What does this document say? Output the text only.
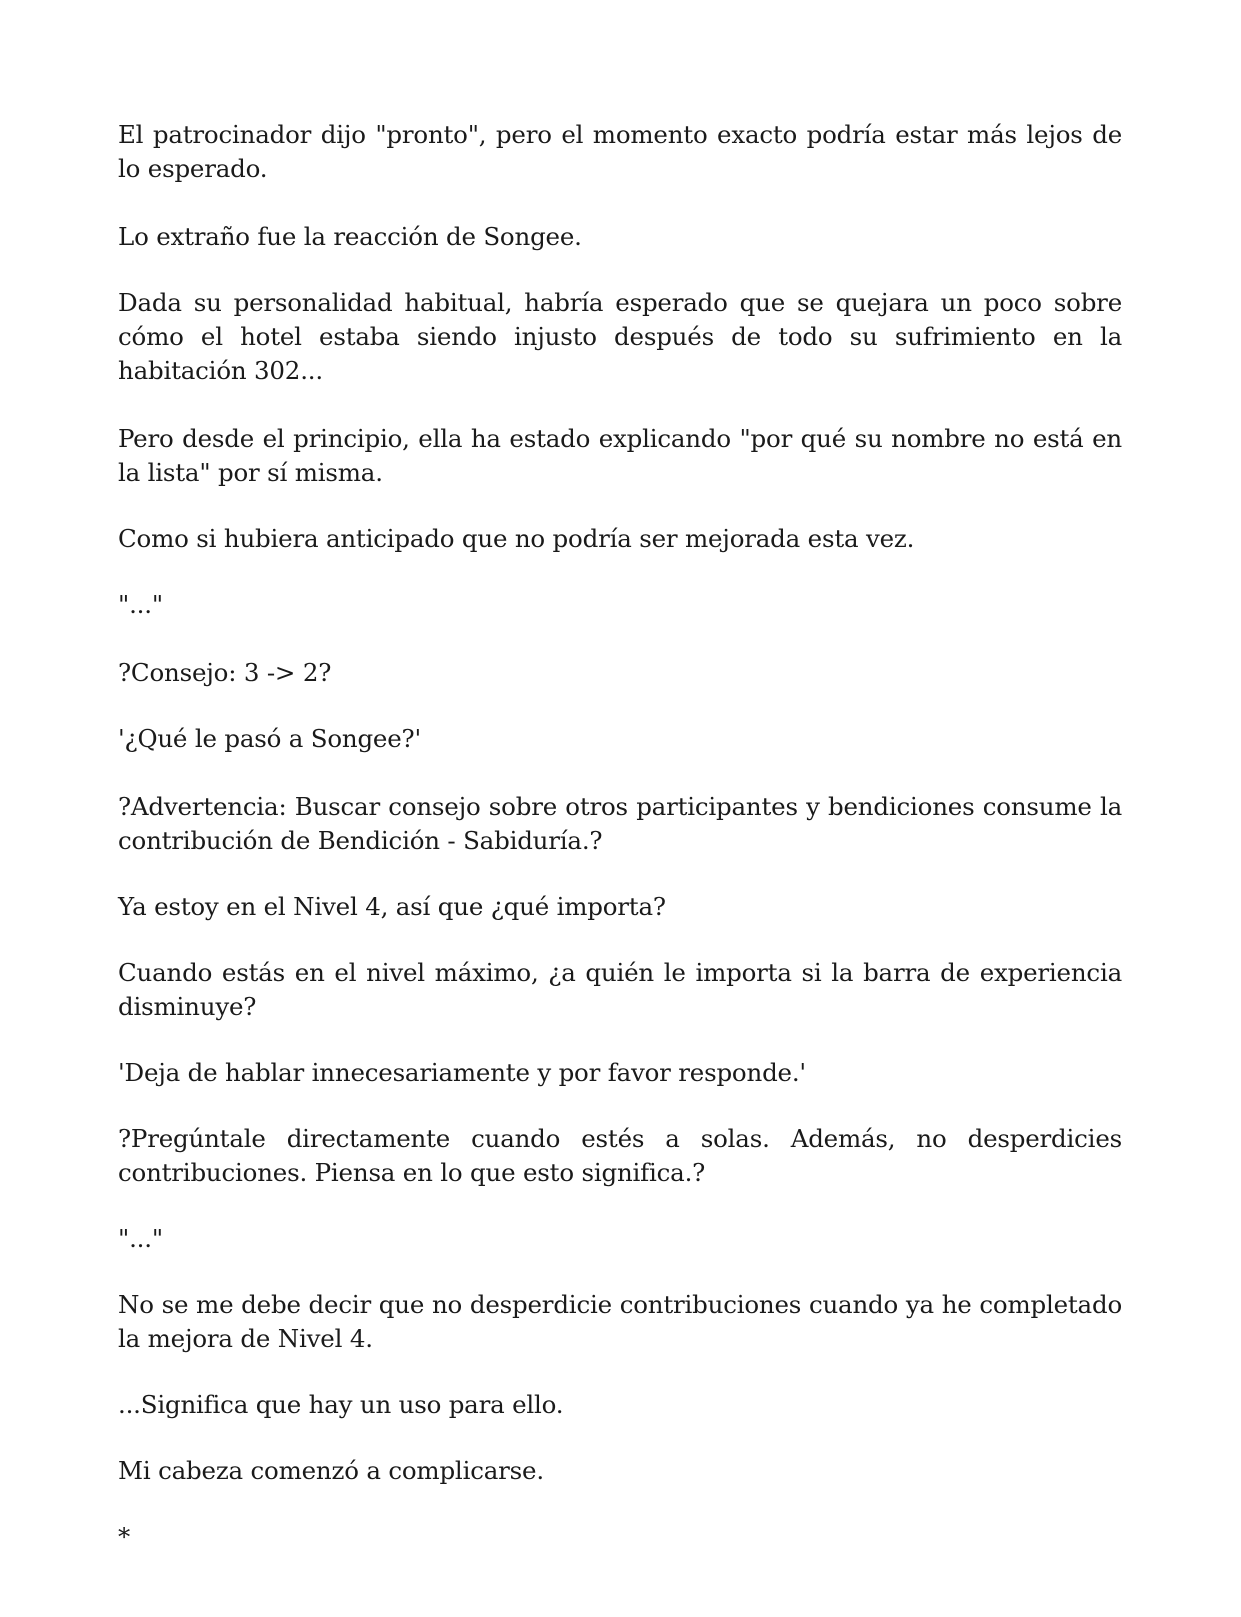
El patrocinador dijo "pronto", pero el momento exacto podría estar más lejos de lo esperado.

Lo extraño fue la reacción de Songee.

Dada su personalidad habitual, habría esperado que se quejara un poco sobre cómo el hotel estaba siendo injusto después de todo su sufrimiento en la habitación 302...

Pero desde el principio, ella ha estado explicando "por qué su nombre no está en la lista" por sí misma.

Como si hubiera anticipado que no podría ser mejorada esta vez.

"..."

?Consejo: 3 -> 2?

'¿Qué le pasó a Songee?'

?Advertencia: Buscar consejo sobre otros participantes y bendiciones consume la contribución de Bendición - Sabiduría.?

Ya estoy en el Nivel 4, así que ¿qué importa?

Cuando estás en el nivel máximo, ¿a quién le importa si la barra de experiencia disminuye?

'Deja de hablar innecesariamente y por favor responde.'

?Pregúntale directamente cuando estés a solas. Además, no desperdicies contribuciones. Piensa en lo que esto significa.?

"..."

No se me debe decir que no desperdicie contribuciones cuando ya he completado la mejora de Nivel 4.

...Significa que hay un uso para ello.

Mi cabeza comenzó a complicarse.

*
